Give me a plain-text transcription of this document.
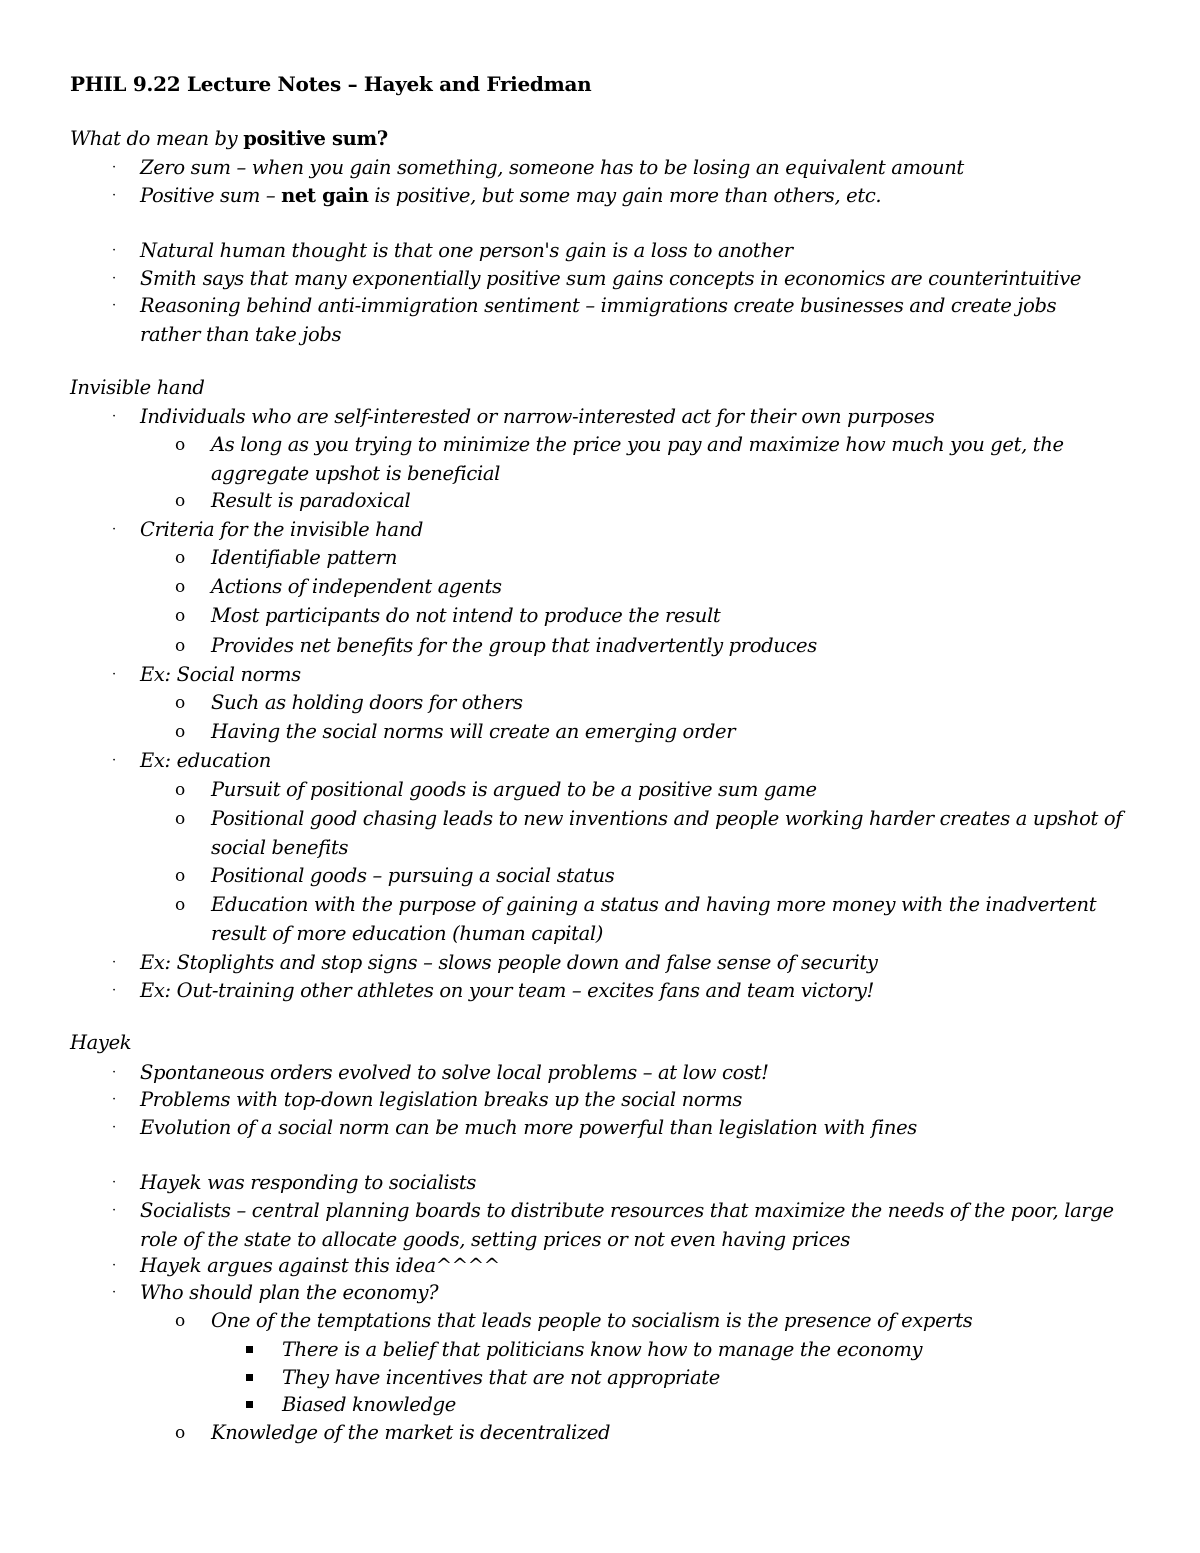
PHIL 9.22 Lecture Notes – Hayek and Friedman
What do mean by positive sum?
· Zero sum – when you gain something, someone has to be losing an equivalent amount
· Positive sum – net gain is positive, but some may gain more than others, etc.
· Natural human thought is that one person's gain is a loss to another
· Smith says that many exponentially positive sum gains concepts in economics are counterintuitive
· Reasoning behind anti-immigration sentiment – immigrations create businesses and create jobs rather than take jobs
Invisible hand
· Individuals who are self-interested or narrow-interested act for their own purposes
o As long as you trying to minimize the price you pay and maximize how much you get, the aggregate upshot is beneficial
o Result is paradoxical
· Criteria for the invisible hand
o Identifiable pattern
o Actions of independent agents
o Most participants do not intend to produce the result
o Provides net benefits for the group that inadvertently produces
· Ex: Social norms
o Such as holding doors for others
o Having the social norms will create an emerging order
· Ex: education
o Pursuit of positional goods is argued to be a positive sum game
o Positional good chasing leads to new inventions and people working harder creates a upshot of social benefits
o Positional goods – pursuing a social status
o Education with the purpose of gaining a status and having more money with the inadvertent result of more education (human capital)
· Ex: Stoplights and stop signs – slows people down and false sense of security
· Ex: Out-training other athletes on your team – excites fans and team victory!
Hayek
· Spontaneous orders evolved to solve local problems – at low cost!
· Problems with top-down legislation breaks up the social norms
· Evolution of a social norm can be much more powerful than legislation with fines
· Hayek was responding to socialists
· Socialists – central planning boards to distribute resources that maximize the needs of the poor, large role of the state to allocate goods, setting prices or not even having prices
· Hayek argues against this idea^^^^
· Who should plan the economy?
o One of the temptations that leads people to socialism is the presence of experts
There is a belief that politicians know how to manage the economy
They have incentives that are not appropriate
Biased knowledge
o Knowledge of the market is decentralized
